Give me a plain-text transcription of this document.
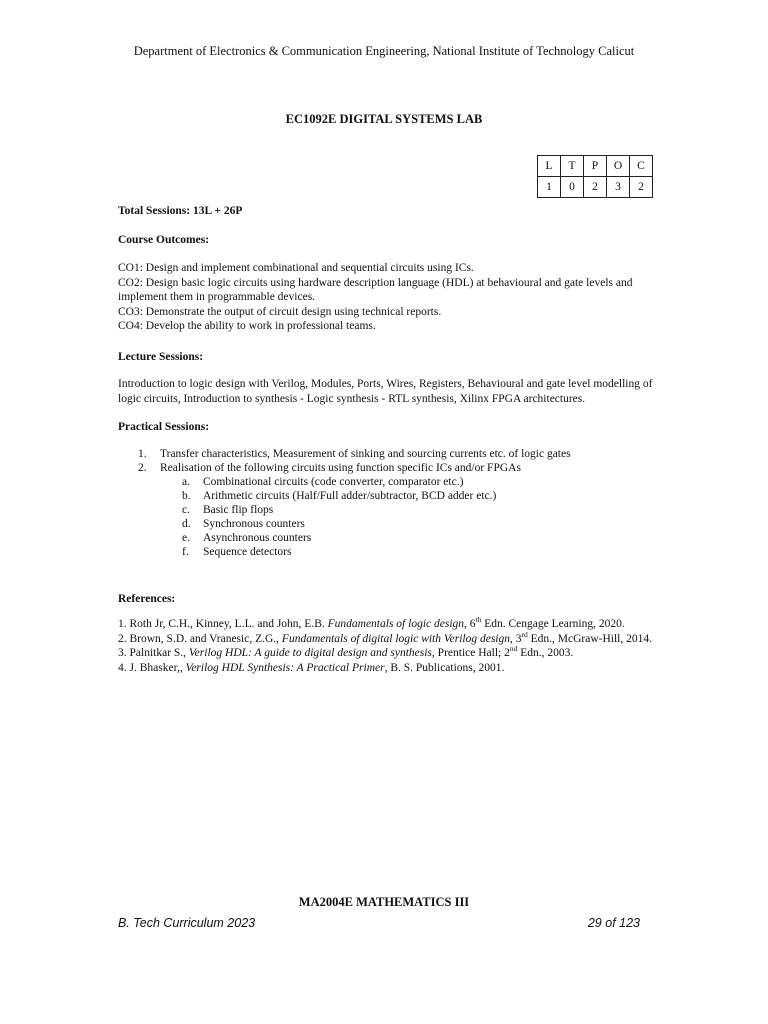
Department of Electronics & Communication Engineering, National Institute of Technology Calicut
EC1092E DIGITAL SYSTEMS LAB
L	T	P	O	C
1	0	2	3	2
Total Sessions: 13L + 26P
Course Outcomes:
CO1: Design and implement combinational and sequential circuits using ICs.
CO2: Design basic logic circuits using hardware description language (HDL) at behavioural and gate levels and
implement them in programmable devices.
CO3: Demonstrate the output of circuit design using technical reports.
CO4: Develop the ability to work in professional teams.
Lecture Sessions:
Introduction to logic design with Verilog, Modules, Ports, Wires, Registers, Behavioural and gate level modelling of
logic circuits, Introduction to synthesis - Logic synthesis - RTL synthesis, Xilinx FPGA architectures.
Practical Sessions:
1. Transfer characteristics, Measurement of sinking and sourcing currents etc. of logic gates
2. Realisation of the following circuits using function specific ICs and/or FPGAs
a. Combinational circuits (code converter, comparator etc.)
b. Arithmetic circuits (Half/Full adder/subtractor, BCD adder etc.)
c. Basic flip flops
d. Synchronous counters
e. Asynchronous counters
f. Sequence detectors
References:
1. Roth Jr, C.H., Kinney, L.L. and John, E.B. Fundamentals of logic design, 6th Edn. Cengage Learning, 2020.
2. Brown, S.D. and Vranesic, Z.G., Fundamentals of digital logic with Verilog design, 3rd Edn., McGraw-Hill, 2014.
3. Palnitkar S., Verilog HDL: A guide to digital design and synthesis, Prentice Hall; 2nd Edn., 2003.
4. J. Bhasker,, Verilog HDL Synthesis: A Practical Primer, B. S. Publications, 2001.
MA2004E MATHEMATICS III
B. Tech Curriculum 2023	29 of 123
